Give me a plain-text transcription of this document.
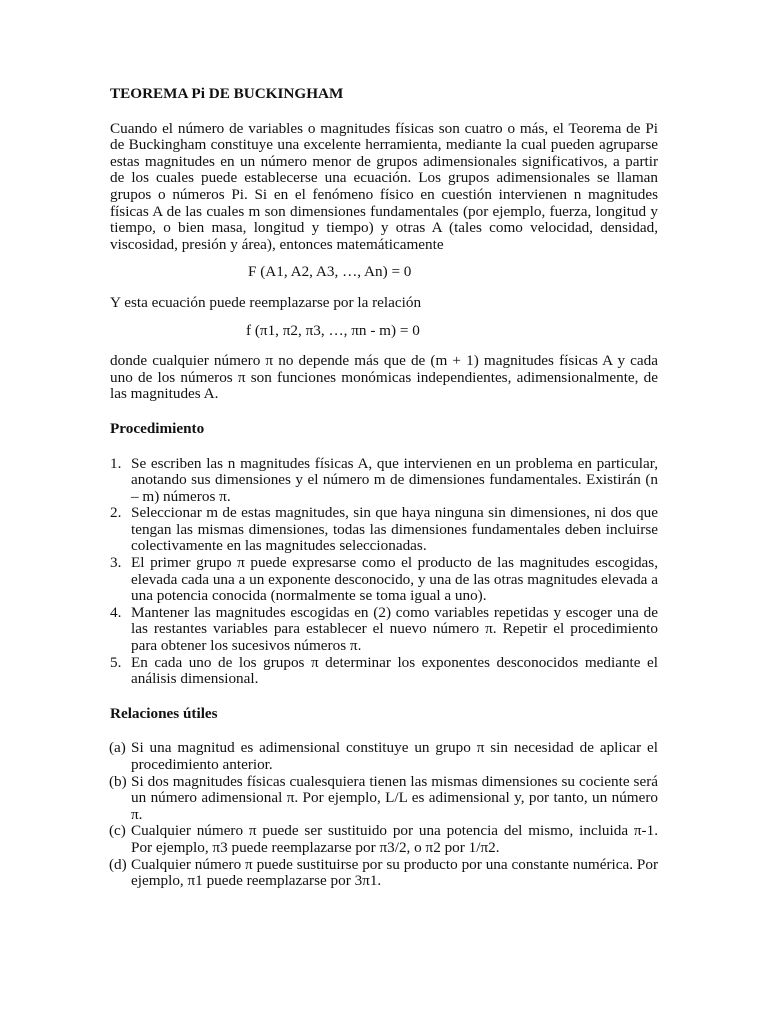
TEOREMA Pi DE BUCKINGHAM

Cuando el número de variables o magnitudes físicas son cuatro o más, el Teorema de Pi de Buckingham constituye una excelente herramienta, mediante la cual pueden agruparse estas magnitudes en un número menor de grupos adimensionales significativos, a partir de los cuales puede establecerse una ecuación. Los grupos adimensionales se llaman grupos o números Pi. Si en el fenómeno físico en cuestión intervienen n magnitudes físicas A de las cuales m son dimensiones fundamentales (por ejemplo, fuerza, longitud y tiempo, o bien masa, longitud y tiempo) y otras A (tales como velocidad, densidad, viscosidad, presión y área), entonces matemáticamente

F (A1, A2, A3, …, An) = 0

Y esta ecuación puede reemplazarse por la relación

f (π1, π2, π3, …, πn - m) = 0

donde cualquier número π no depende más que de (m + 1) magnitudes físicas A y cada uno de los números π son funciones monómicas independientes, adimensionalmente, de las magnitudes A.

Procedimiento
1. Se escriben las n magnitudes físicas A, que intervienen en un problema en particular, anotando sus dimensiones y el número m de dimensiones fundamentales. Existirán (n – m) números π.
2. Seleccionar m de estas magnitudes, sin que haya ninguna sin dimensiones, ni dos que tengan las mismas dimensiones, todas las dimensiones fundamentales deben incluirse colectivamente en las magnitudes seleccionadas.
3. El primer grupo π puede expresarse como el producto de las magnitudes escogidas, elevada cada una a un exponente desconocido, y una de las otras magnitudes elevada a una potencia conocida (normalmente se toma igual a uno).
4. Mantener las magnitudes escogidas en (2) como variables repetidas y escoger una de las restantes variables para establecer el nuevo número π. Repetir el procedimiento para obtener los sucesivos números π.
5. En cada uno de los grupos π determinar los exponentes desconocidos mediante el análisis dimensional.
Relaciones útiles
(a) Si una magnitud es adimensional constituye un grupo π sin necesidad de aplicar el procedimiento anterior.
(b) Si dos magnitudes físicas cualesquiera tienen las mismas dimensiones su cociente será un número adimensional π. Por ejemplo, L/L es adimensional y, por tanto, un número π.
(c) Cualquier número π puede ser sustituido por una potencia del mismo, incluida π-1. Por ejemplo, π3 puede reemplazarse por π3/2, o π2 por 1/π2.
(d) Cualquier número π puede sustituirse por su producto por una constante numérica. Por ejemplo, π1 puede reemplazarse por 3π1.
